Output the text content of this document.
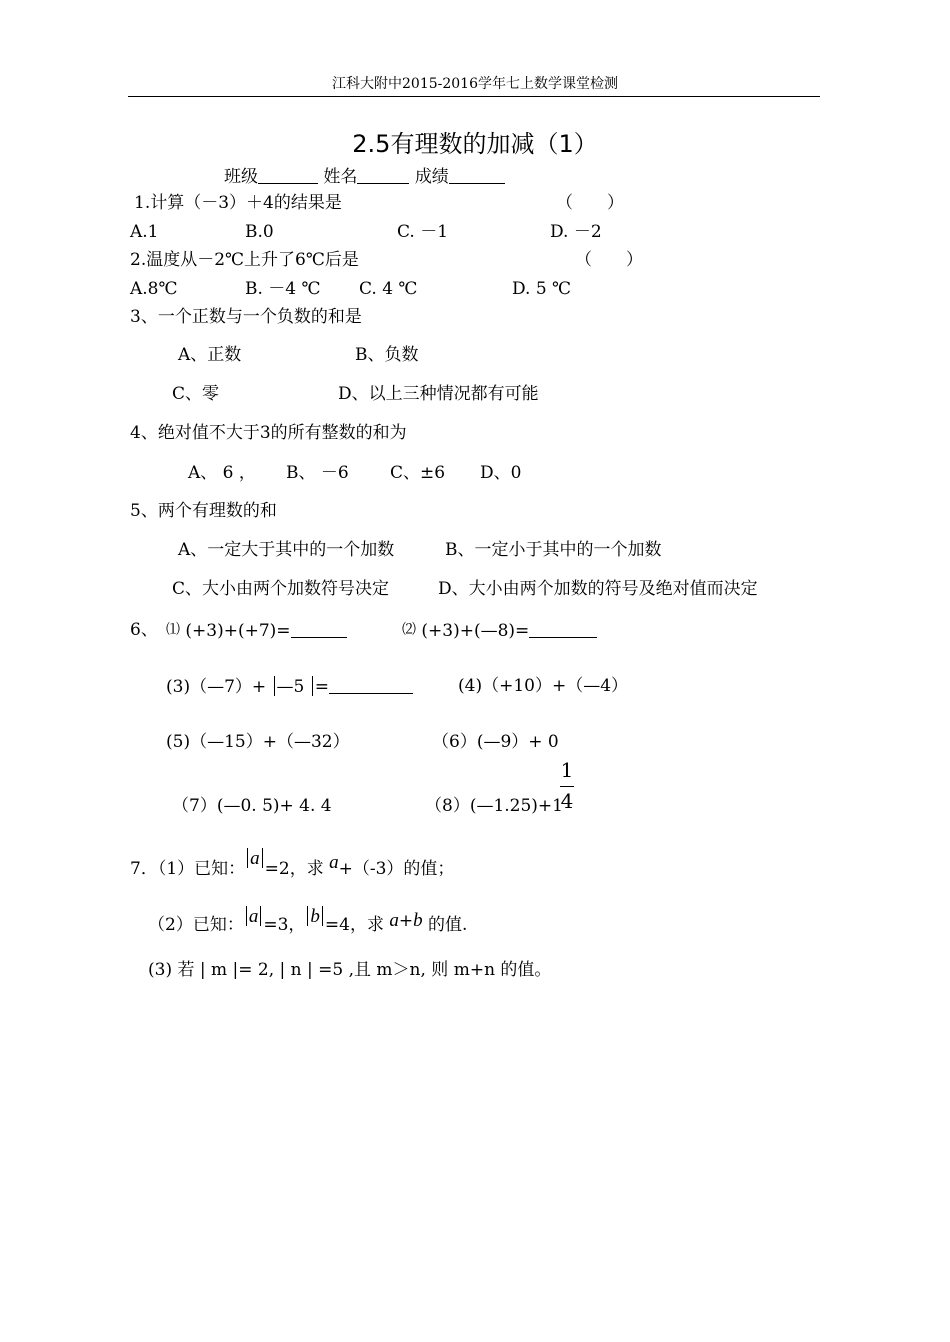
江科大附中2015-2016学年七上数学课堂检测
2.5有理数的加减（1）
班级	姓名	成绩
1.计算（－3）＋4的结果是	（　　）
A.1	B.0	C. －1	D. －2
2.温度从－2℃上升了6℃后是	（　　）
A.8℃	B. －4 ℃ C. 4 ℃	D. 5 ℃
3、一个正数与一个负数的和是
A、正数	B、负数
C、零	D、以上三种情况都有可能
4、绝对值不大于3的所有整数的和为
A、 6 ， B、 －6 C、±6 D、0
5、两个有理数的和
A、一定大于其中的一个加数	B、一定小于其中的一个加数
C、大小由两个加数符号决定	D、大小由两个加数的符号及绝对值而决定
6、 ⑴ (+3)+(+7)=	⑵ (+3)+(—8)=
(3)（—7）+ —5 =	(4)（+10）+（—4）
(5)（—15）+（—32）	（6）(—9）+ 0
（7）(—0. 5)+ 4. 4	（8）(—1.25)+1
1
4
7．（1）已知： a =2，求 a+（-3）的值；
（2）已知： a =3， b =4，求 a+b 的值.
(3) 若 | m |= 2, | n | =5 ,且 m＞n, 则 m+n 的值。
